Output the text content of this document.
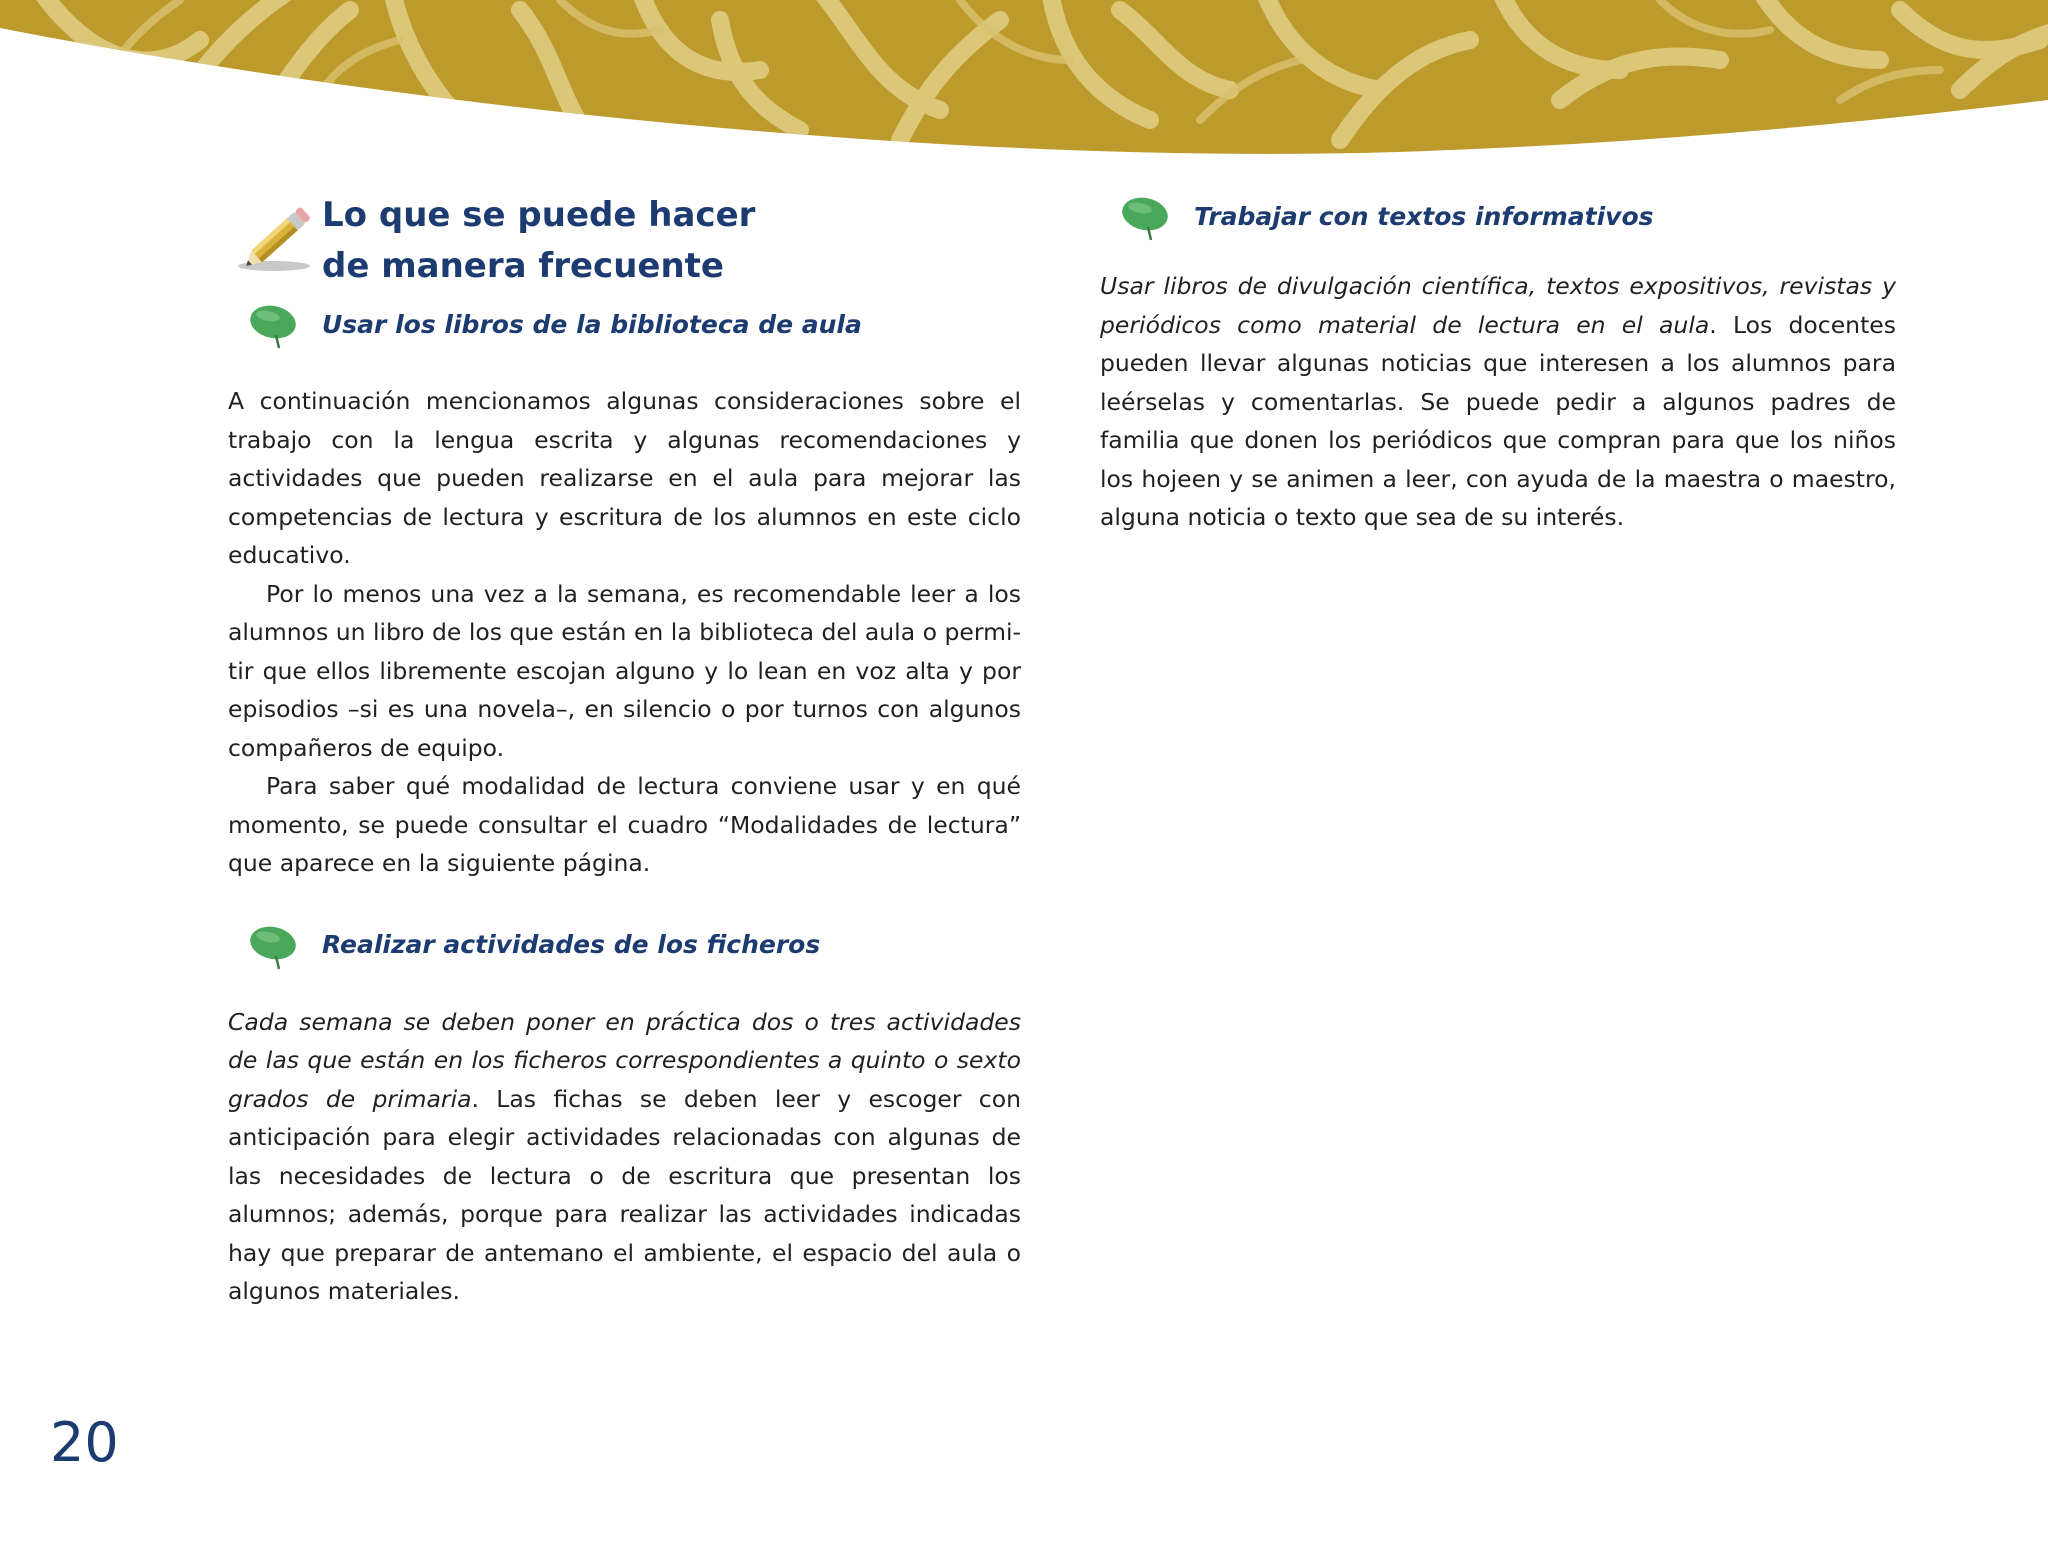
Lo que se puede hacer
de manera frecuente
Usar los libros de la biblioteca de aula

A continuación mencionamos algunas consideraciones sobre el trabajo con la lengua escrita y algunas recomendaciones y actividades que pueden realizarse en el aula para mejorar las competencias de lectura y escritura de los alumnos en este ciclo educativo.

Por lo menos una vez a la semana, es recomendable leer a los alumnos un libro de los que están en la biblioteca del aula o permitir que ellos libremente escojan alguno y lo lean en voz alta y por episodios –si es una novela–, en silencio o por turnos con algunos compañeros de equipo.

Para saber qué modalidad de lectura conviene usar y en qué momento, se puede consultar el cuadro “Modalidades de lectura” que aparece en la siguiente página.

Realizar actividades de los ficheros

Cada semana se deben poner en práctica dos o tres actividades de las que están en los ficheros correspondientes a quinto o sexto grados de primaria. Las fichas se deben leer y escoger con anticipación para elegir actividades relacionadas con algunas de las necesidades de lectura o de escritura que presentan los alumnos; además, porque para realizar las actividades indicadas hay que preparar de antemano el ambiente, el espacio del aula o algunos materiales.

Trabajar con textos informativos

Usar libros de divulgación científica, textos expositivos, revistas y periódicos como material de lectura en el aula. Los docentes pueden llevar algunas noticias que interesen a los alumnos para leérselas y comentarlas. Se puede pedir a algunos padres de familia que donen los periódicos que compran para que los niños los hojeen y se animen a leer, con ayuda de la maestra o maestro, alguna noticia o texto que sea de su interés.

20
